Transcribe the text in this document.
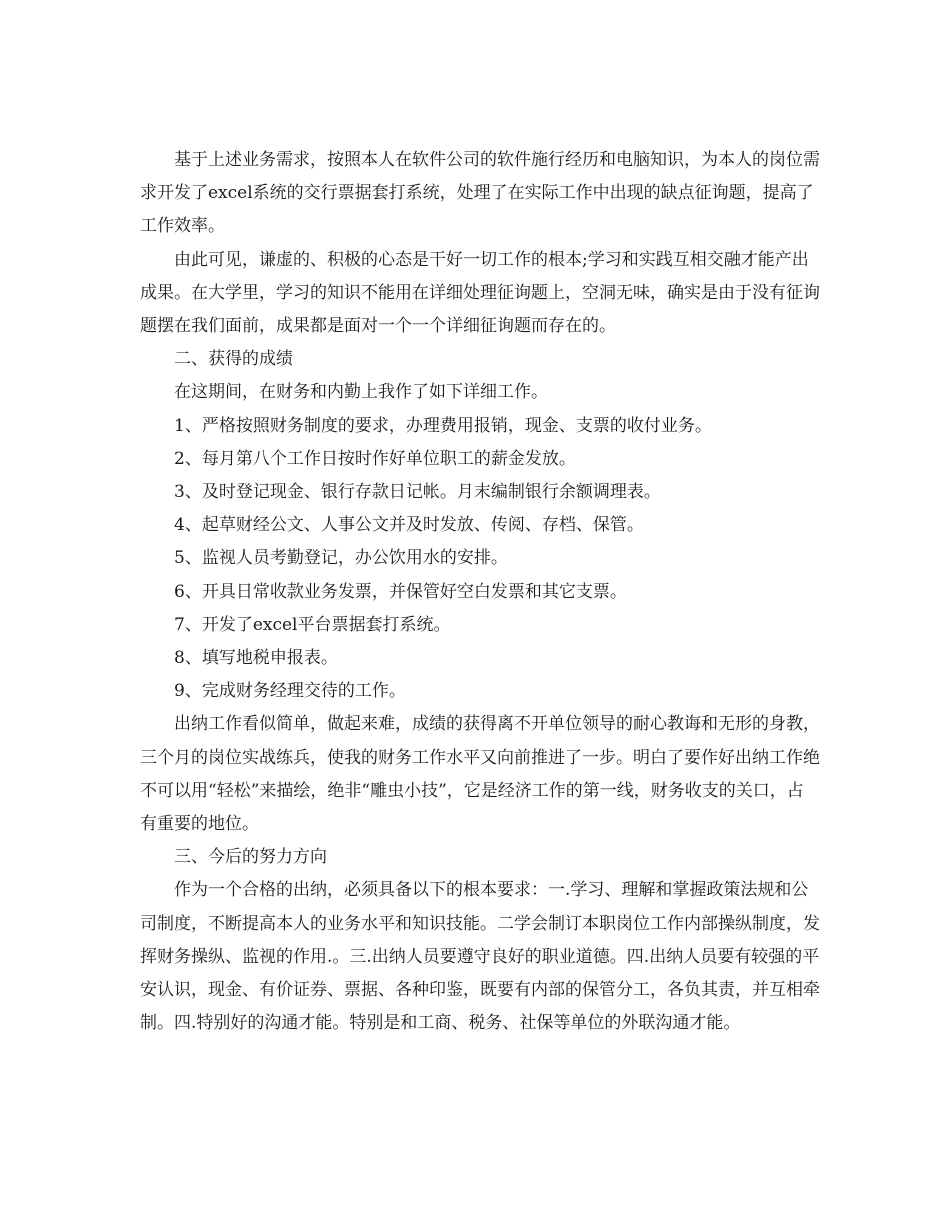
基于上述业务需求，按照本人在软件公司的软件施行经历和电脑知识，为本人的岗位需求开发了excel系统的交行票据套打系统，处理了在实际工作中出现的缺点征询题，提高了工作效率。

由此可见，谦虚的、积极的心态是干好一切工作的根本;学习和实践互相交融才能产出成果。在大学里，学习的知识不能用在详细处理征询题上，空洞无味，确实是由于没有征询题摆在我们面前，成果都是面对一个一个详细征询题而存在的。

二、获得的成绩

在这期间，在财务和内勤上我作了如下详细工作。

1、严格按照财务制度的要求，办理费用报销，现金、支票的收付业务。

2、每月第八个工作日按时作好单位职工的薪金发放。

3、及时登记现金、银行存款日记帐。月末编制银行余额调理表。

4、起草财经公文、人事公文并及时发放、传阅、存档、保管。

5、监视人员考勤登记，办公饮用水的安排。

6、开具日常收款业务发票，并保管好空白发票和其它支票。

7、开发了excel平台票据套打系统。

8、填写地税申报表。

9、完成财务经理交待的工作。

出纳工作看似简单，做起来难，成绩的获得离不开单位领导的耐心教诲和无形的身教，三个月的岗位实战练兵，使我的财务工作水平又向前推进了一步。明白了要作好出纳工作绝不可以用“轻松”来描绘，绝非“雕虫小技”，它是经济工作的第一线，财务收支的关口，占有重要的地位。

三、今后的努力方向

作为一个合格的出纳，必须具备以下的根本要求：一.学习、理解和掌握政策法规和公司制度，不断提高本人的业务水平和知识技能。二学会制订本职岗位工作内部操纵制度，发挥财务操纵、监视的作用.。三.出纳人员要遵守良好的职业道德。四.出纳人员要有较强的平安认识，现金、有价证券、票据、各种印鉴，既要有内部的保管分工，各负其责，并互相牵制。四.特别好的沟通才能。特别是和工商、税务、社保等单位的外联沟通才能。
